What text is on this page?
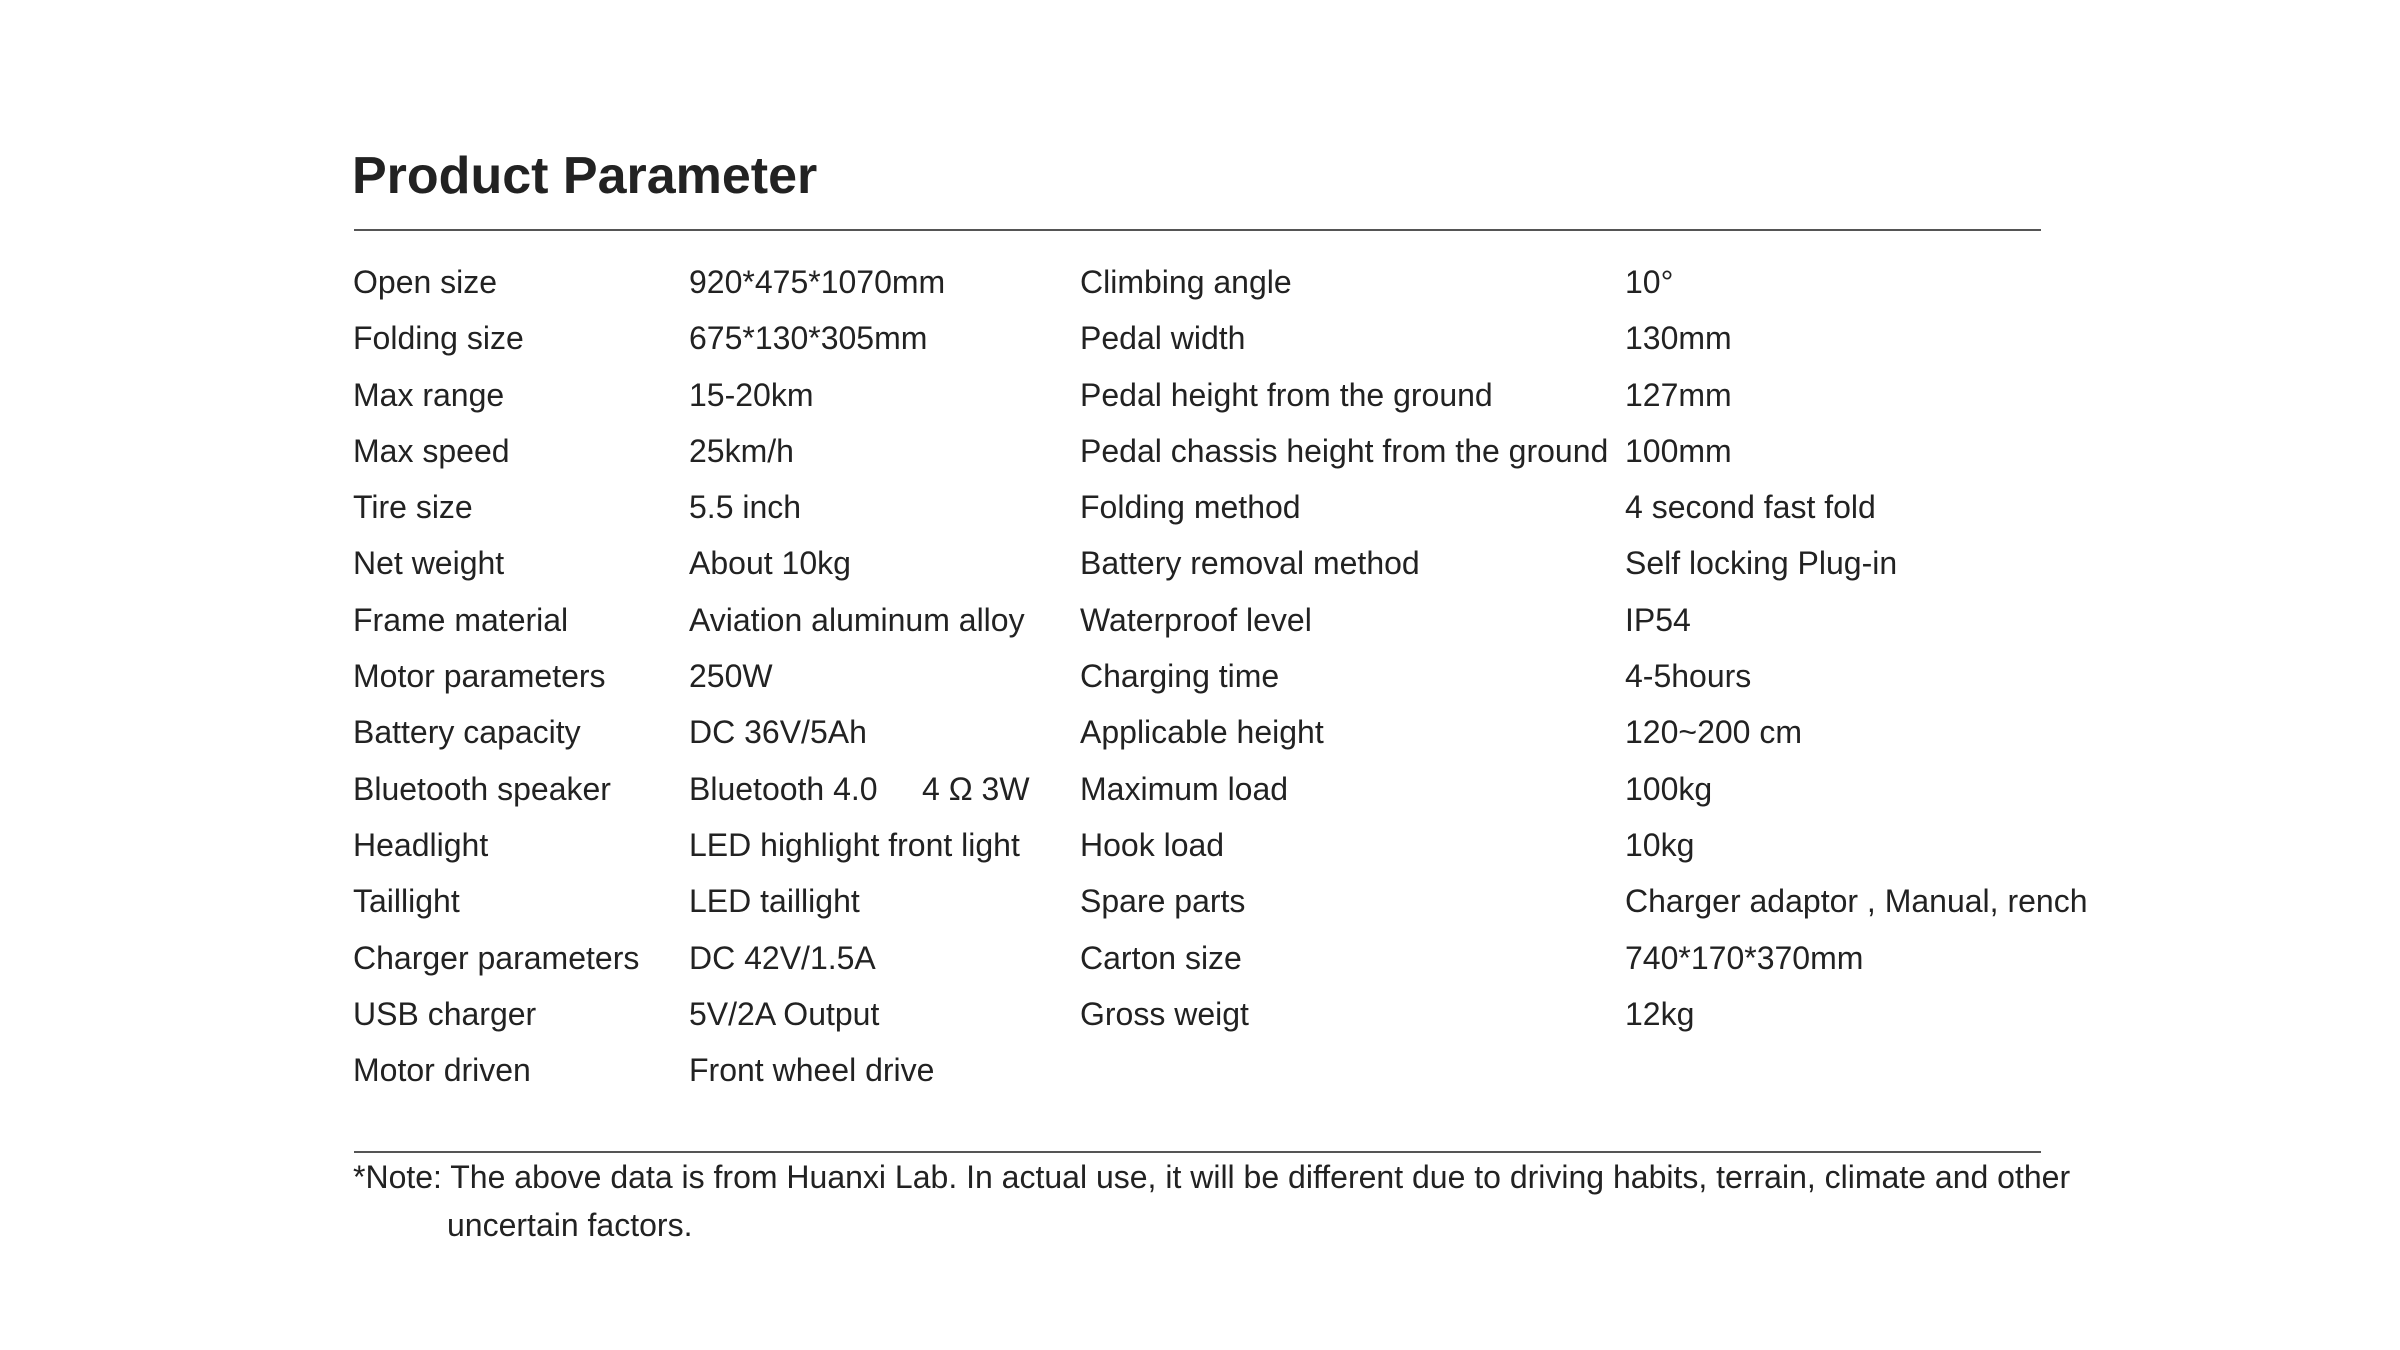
Product Parameter
Open size
Folding size
Max range
Max speed
Tire size
Net weight
Frame material
Motor parameters
Battery capacity
Bluetooth speaker
Headlight
Taillight
Charger parameters
USB charger
Motor driven
920*475*1070mm
675*130*305mm
15-20km
25km/h
5.5 inch
About 10kg
Aviation aluminum alloy
250W
DC 36V/5Ah
Bluetooth 4.0     4 Ω 3W
LED highlight front light
LED taillight
DC 42V/1.5A
5V/2A Output
Front wheel drive
Climbing angle
Pedal width
Pedal height from the ground
Pedal chassis height from the ground
Folding method
Battery removal method
Waterproof level
Charging time
Applicable height
Maximum load
Hook load
Spare parts
Carton size
Gross weigt
10°
130mm
127mm
100mm
4 second fast fold
Self locking Plug-in
IP54
4-5hours
120~200 cm
100kg
10kg
Charger adaptor , Manual, rench
740*170*370mm
12kg
*Note: The above data is from Huanxi Lab. In actual use, it will be different due to driving habits, terrain, climate and other
uncertain factors.
